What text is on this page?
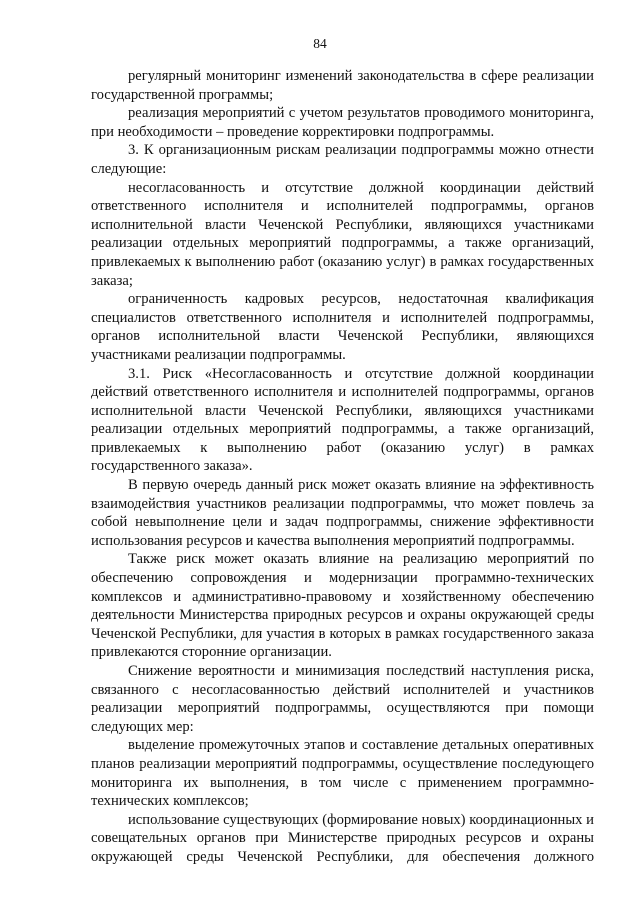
84

регулярный мониторинг изменений законодательства в сфере реализации государственной программы;

реализация мероприятий с учетом результатов проводимого мониторинга, при необходимости – проведение корректировки подпрограммы.

3. К организационным рискам реализации подпрограммы можно отнести следующие:

несогласованность и отсутствие должной координации действий ответственного исполнителя и исполнителей подпрограммы, органов исполнительной власти Чеченской Республики, являющихся участниками реализации отдельных мероприятий подпрограммы, а также организаций, привлекаемых к выполнению работ (оказанию услуг) в рамках государственных заказа;

ограниченность кадровых ресурсов, недостаточная квалификация специалистов ответственного исполнителя и исполнителей подпрограммы, органов исполнительной власти Чеченской Республики, являющихся участниками реализации подпрограммы.

3.1. Риск «Несогласованность и отсутствие должной координации действий ответственного исполнителя и исполнителей подпрограммы, органов исполнительной власти Чеченской Республики, являющихся участниками реализации отдельных мероприятий подпрограммы, а также организаций, привлекаемых к выполнению работ (оказанию услуг) в рамках государственного заказа».

В первую очередь данный риск может оказать влияние на эффективность взаимодействия участников реализации подпрограммы, что может повлечь за собой невыполнение цели и задач подпрограммы, снижение эффективности использования ресурсов и качества выполнения мероприятий подпрограммы.

Также риск может оказать влияние на реализацию мероприятий по обеспечению сопровождения и модернизации программно-технических комплексов и административно-правовому и хозяйственному обеспечению деятельности Министерства природных ресурсов и охраны окружающей среды Чеченской Республики, для участия в которых в рамках государственного заказа привлекаются сторонние организации.

Снижение вероятности и минимизация последствий наступления риска, связанного с несогласованностью действий исполнителей и участников реализации мероприятий подпрограммы, осуществляются при помощи следующих мер:

выделение промежуточных этапов и составление детальных оперативных планов реализации мероприятий подпрограммы, осуществление последующего мониторинга их выполнения, в том числе с применением программно-технических комплексов;

использование существующих (формирование новых) координационных и совещательных органов при Министерстве природных ресурсов и охраны окружающей среды Чеченской Республики, для обеспечения должного
